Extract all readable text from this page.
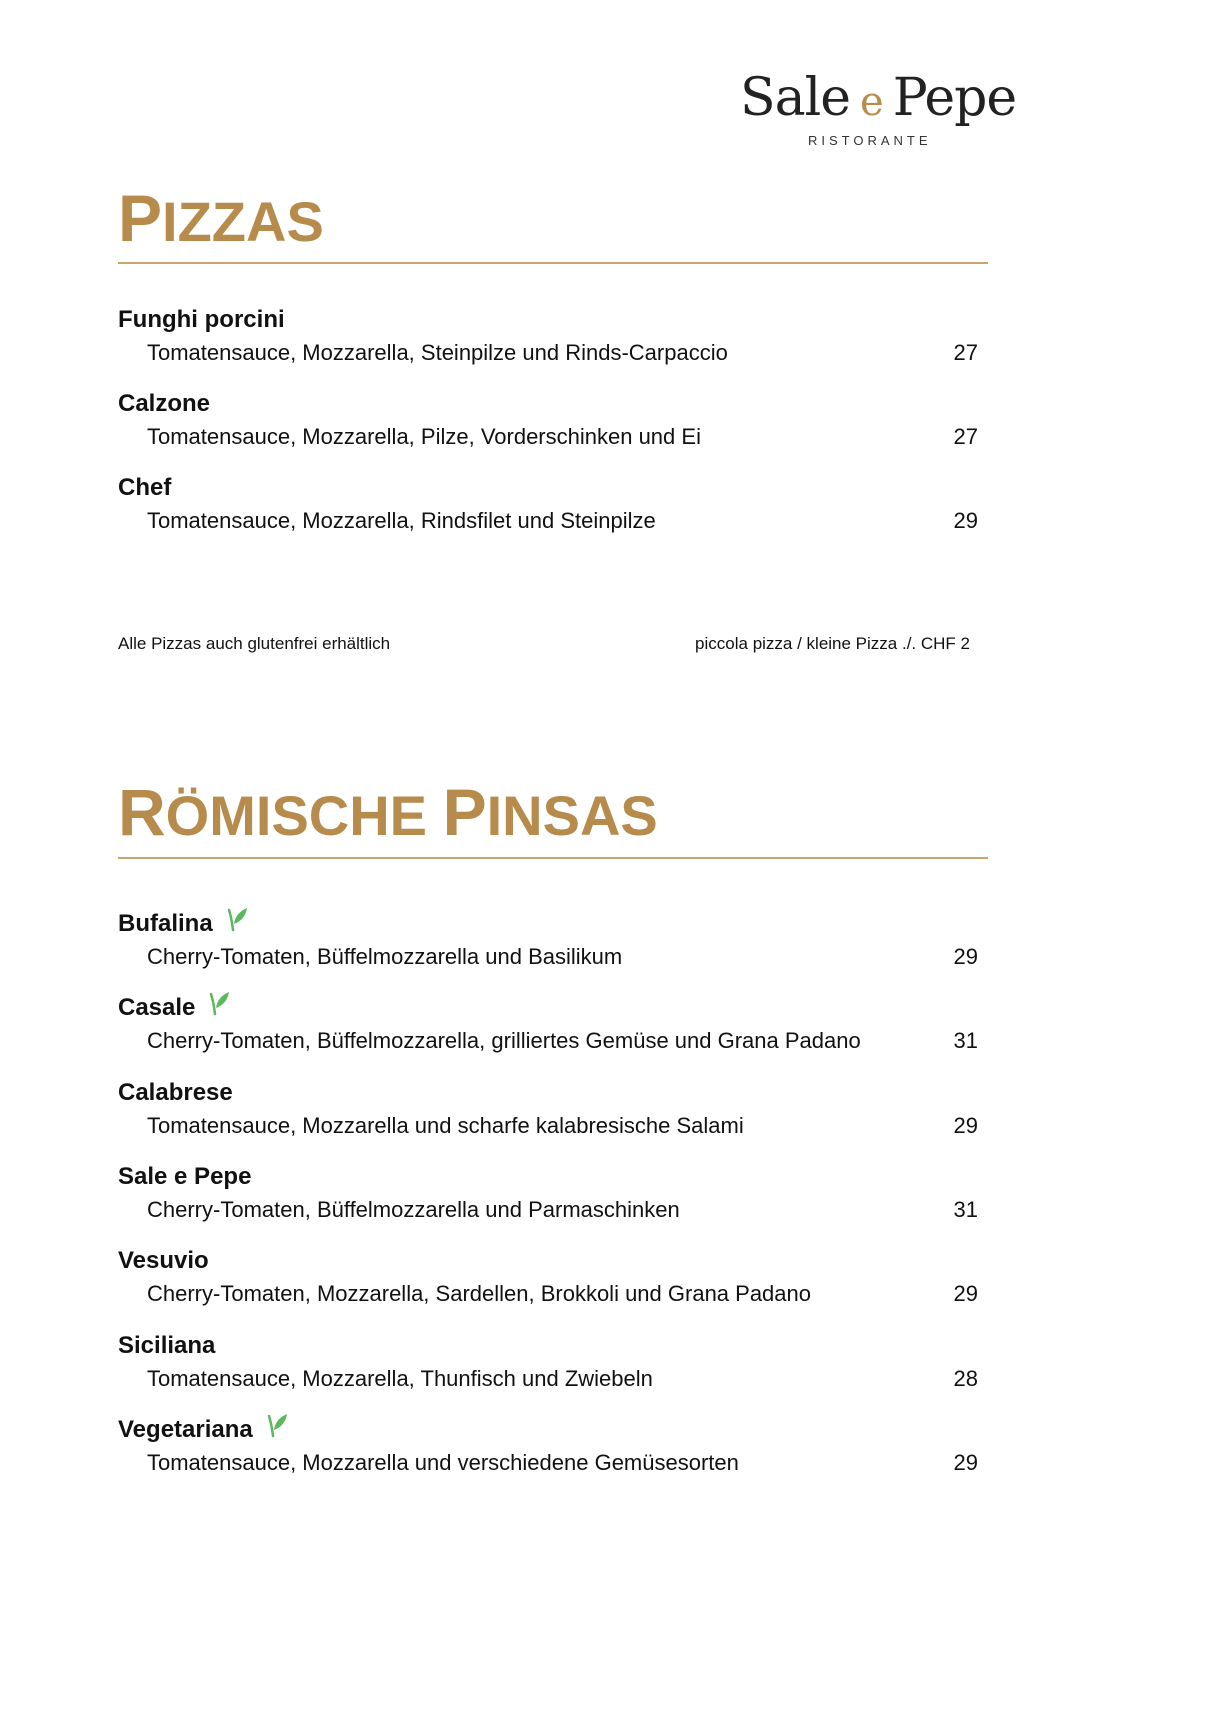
Sale e Pepe
RISTORANTE
PIZZAS
Funghi porcini
Tomatensauce, Mozzarella, Steinpilze und Rinds-Carpaccio	27
Calzone
Tomatensauce, Mozzarella, Pilze, Vorderschinken und Ei	27
Chef
Tomatensauce, Mozzarella, Rindsfilet und Steinpilze	29
Alle Pizzas auch glutenfrei erhältlich	piccola pizza / kleine Pizza ./. CHF 2
RÖMISCHE PINSAS
Bufalina
Cherry-Tomaten, Büffelmozzarella und Basilikum	29
Casale
Cherry-Tomaten, Büffelmozzarella, grilliertes Gemüse und Grana Padano	31
Calabrese
Tomatensauce, Mozzarella und scharfe kalabresische Salami	29
Sale e Pepe
Cherry-Tomaten, Büffelmozzarella und Parmaschinken	31
Vesuvio
Cherry-Tomaten, Mozzarella, Sardellen, Brokkoli und Grana Padano	29
Siciliana
Tomatensauce, Mozzarella, Thunfisch und Zwiebeln	28
Vegetariana
Tomatensauce, Mozzarella und verschiedene Gemüsesorten	29
